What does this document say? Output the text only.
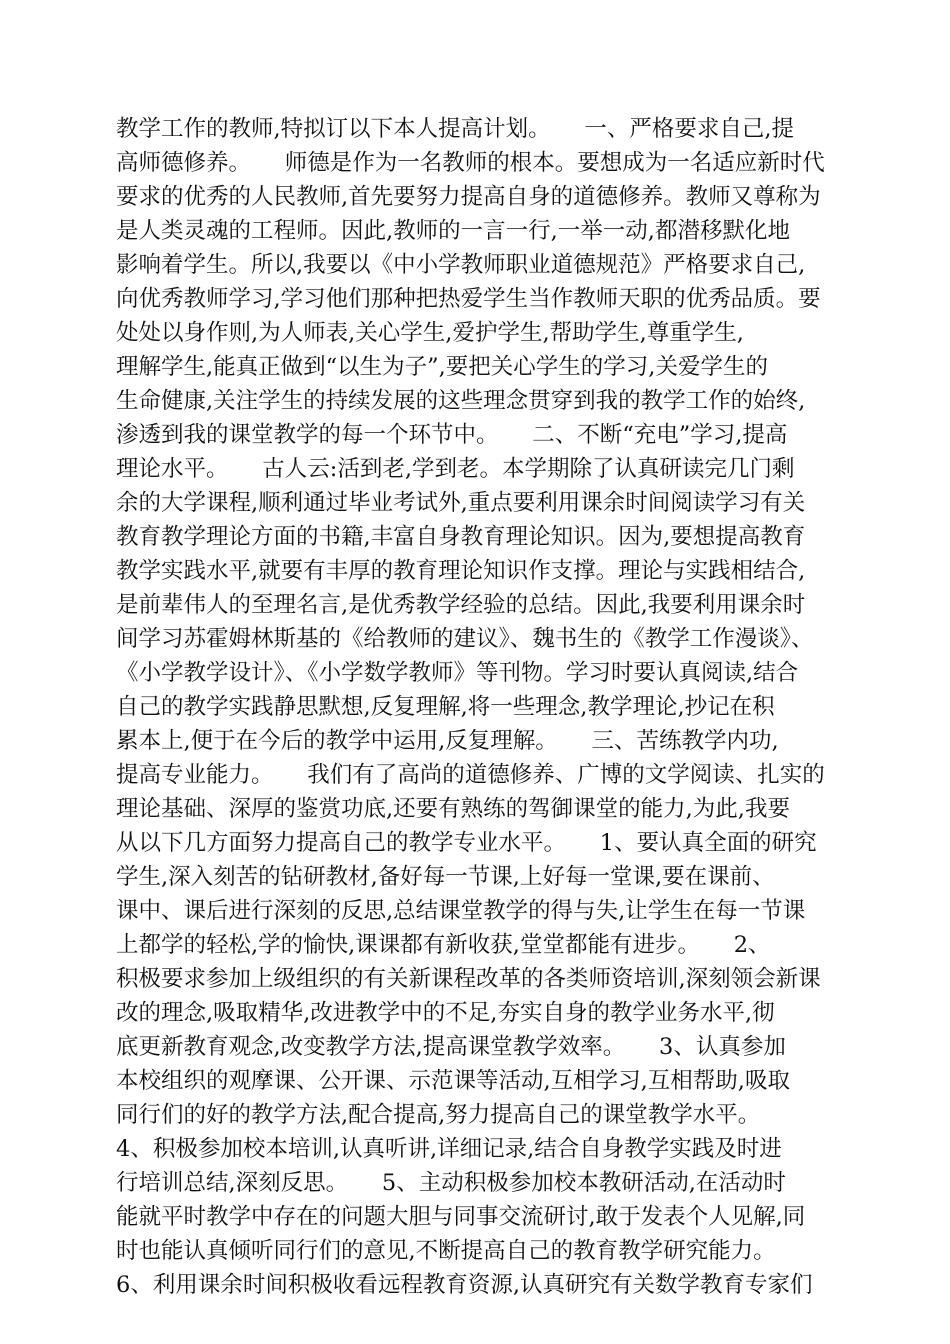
教学工作的教师,特拟订以下本人提高计划。　　一、严格要求自己,提
高师德修养。　　师德是作为一名教师的根本。要想成为一名适应新时代
要求的优秀的人民教师,首先要努力提高自身的道德修养。教师又尊称为
是人类灵魂的工程师。因此,教师的一言一行,一举一动,都潜移默化地
影响着学生。所以,我要以《中小学教师职业道德规范》严格要求自己,
向优秀教师学习,学习他们那种把热爱学生当作教师天职的优秀品质。要
处处以身作则,为人师表,关心学生,爱护学生,帮助学生,尊重学生,
理解学生,能真正做到“以生为子”,要把关心学生的学习,关爱学生的
生命健康,关注学生的持续发展的这些理念贯穿到我的教学工作的始终,
渗透到我的课堂教学的每一个环节中。　　二、不断“充电”学习,提高
理论水平。　　古人云:活到老,学到老。本学期除了认真研读完几门剩
余的大学课程,顺利通过毕业考试外,重点要利用课余时间阅读学习有关
教育教学理论方面的书籍,丰富自身教育理论知识。因为,要想提高教育
教学实践水平,就要有丰厚的教育理论知识作支撑。理论与实践相结合,
是前辈伟人的至理名言,是优秀教学经验的总结。因此,我要利用课余时
间学习苏霍姆林斯基的《给教师的建议》、魏书生的《教学工作漫谈》、
《小学教学设计》、《小学数学教师》等刊物。学习时要认真阅读,结合
自己的教学实践静思默想,反复理解,将一些理念,教学理论,抄记在积
累本上,便于在今后的教学中运用,反复理解。　　三、苦练教学内功,
提高专业能力。　　我们有了高尚的道德修养、广博的文学阅读、扎实的
理论基础、深厚的鉴赏功底,还要有熟练的驾御课堂的能力,为此,我要
从以下几方面努力提高自己的教学专业水平。　　1、要认真全面的研究
学生,深入刻苦的钻研教材,备好每一节课,上好每一堂课,要在课前、
课中、课后进行深刻的反思,总结课堂教学的得与失,让学生在每一节课
上都学的轻松,学的愉快,课课都有新收获,堂堂都能有进步。　　2、
积极要求参加上级组织的有关新课程改革的各类师资培训,深刻领会新课
改的理念,吸取精华,改进教学中的不足,夯实自身的教学业务水平,彻
底更新教育观念,改变教学方法,提高课堂教学效率。　　3、认真参加
本校组织的观摩课、公开课、示范课等活动,互相学习,互相帮助,吸取
同行们的好的教学方法,配合提高,努力提高自己的课堂教学水平。
4、积极参加校本培训,认真听讲,详细记录,结合自身教学实践及时进
行培训总结,深刻反思。　　5、主动积极参加校本教研活动,在活动时
能就平时教学中存在的问题大胆与同事交流研讨,敢于发表个人见解,同
时也能认真倾听同行们的意见,不断提高自己的教育教学研究能力。
6、利用课余时间积极收看远程教育资源,认真研究有关数学教育专家们
